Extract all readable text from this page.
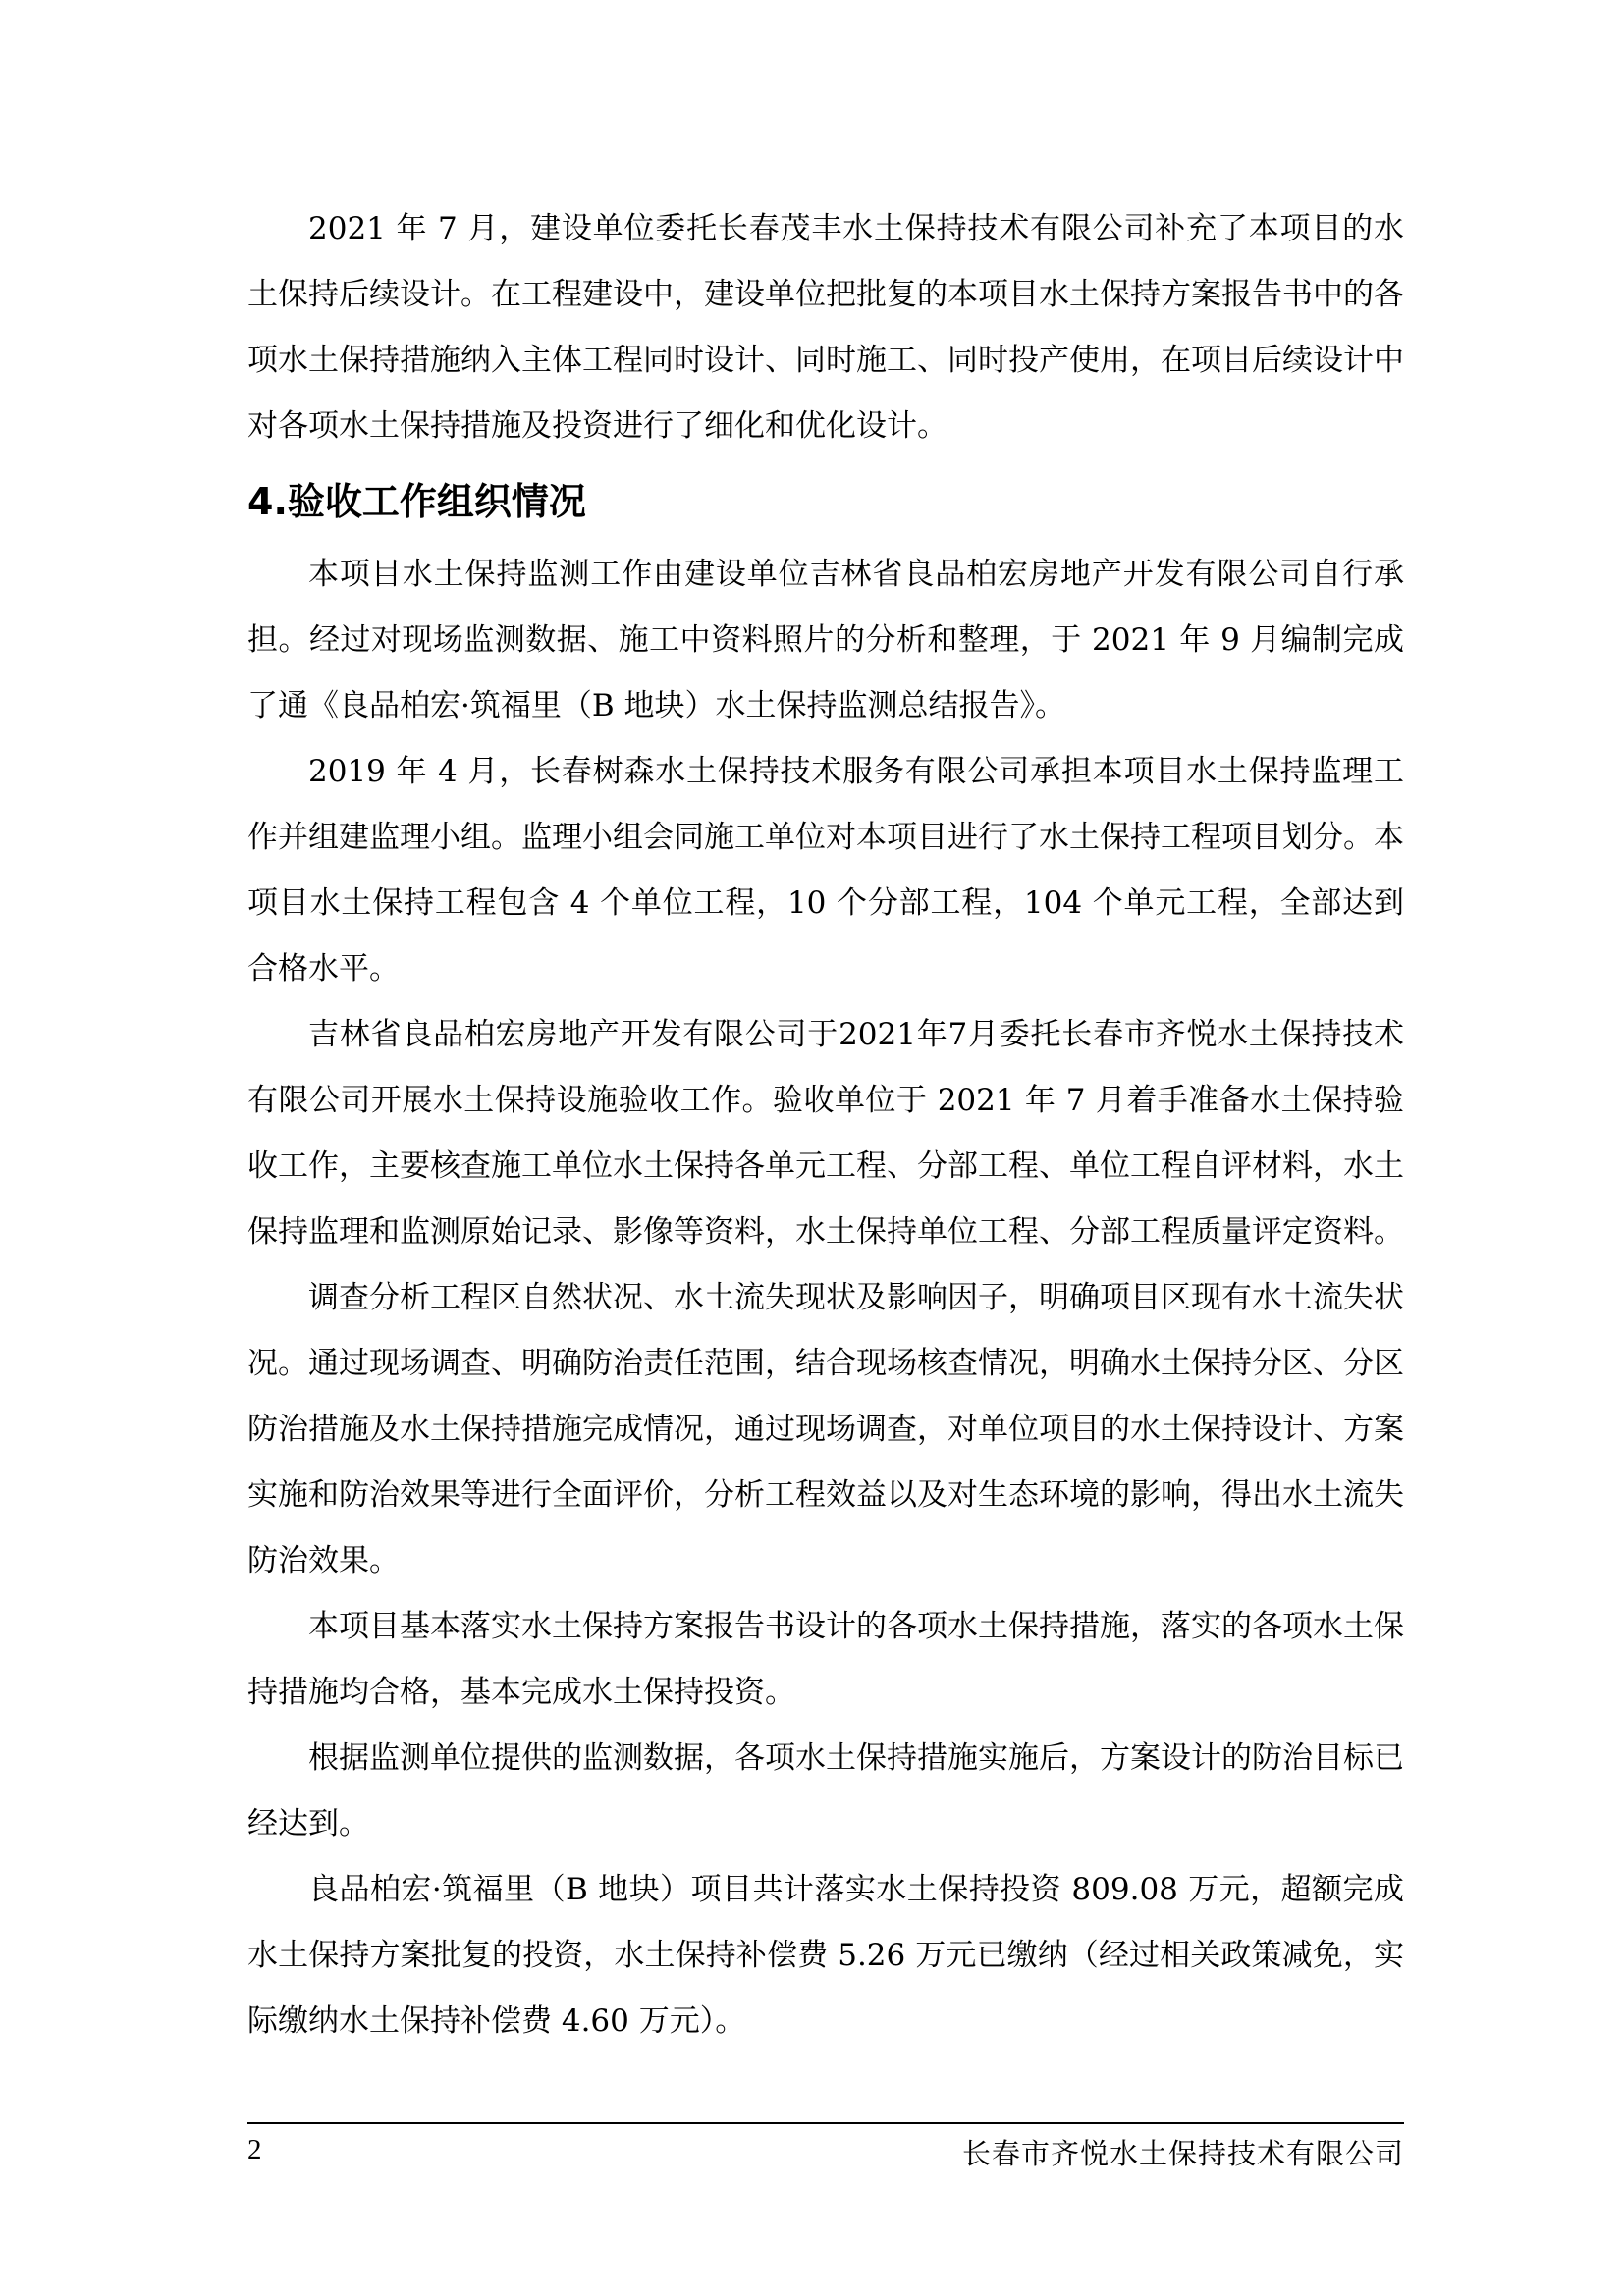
2021 年 7 月，建设单位委托长春茂丰水土保持技术有限公司补充了本项目的水土保持后续设计。在工程建设中，建设单位把批复的本项目水土保持方案报告书中的各项水土保持措施纳入主体工程同时设计、同时施工、同时投产使用，在项目后续设计中对各项水土保持措施及投资进行了细化和优化设计。

4.验收工作组织情况

本项目水土保持监测工作由建设单位吉林省良品柏宏房地产开发有限公司自行承担。经过对现场监测数据、施工中资料照片的分析和整理，于 2021 年 9 月编制完成了通《良品柏宏·筑福里（B 地块）水土保持监测总结报告》。

2019 年 4 月，长春树森水土保持技术服务有限公司承担本项目水土保持监理工作并组建监理小组。监理小组会同施工单位对本项目进行了水土保持工程项目划分。本项目水土保持工程包含 4 个单位工程，10 个分部工程，104 个单元工程，全部达到合格水平。

吉林省良品柏宏房地产开发有限公司于2021年7月委托长春市齐悦水土保持技术有限公司开展水土保持设施验收工作。验收单位于 2021 年 7 月着手准备水土保持验收工作，主要核查施工单位水土保持各单元工程、分部工程、单位工程自评材料，水土保持监理和监测原始记录、影像等资料，水土保持单位工程、分部工程质量评定资料。

调查分析工程区自然状况、水土流失现状及影响因子，明确项目区现有水土流失状况。通过现场调查、明确防治责任范围，结合现场核查情况，明确水土保持分区、分区防治措施及水土保持措施完成情况，通过现场调查，对单位项目的水土保持设计、方案实施和防治效果等进行全面评价，分析工程效益以及对生态环境的影响，得出水土流失防治效果。

本项目基本落实水土保持方案报告书设计的各项水土保持措施，落实的各项水土保持措施均合格，基本完成水土保持投资。

根据监测单位提供的监测数据，各项水土保持措施实施后，方案设计的防治目标已经达到。

良品柏宏·筑福里（B 地块）项目共计落实水土保持投资 809.08 万元，超额完成水土保持方案批复的投资，水土保持补偿费 5.26 万元已缴纳（经过相关政策减免，实际缴纳水土保持补偿费 4.60 万元）。

2	长春市齐悦水土保持技术有限公司
